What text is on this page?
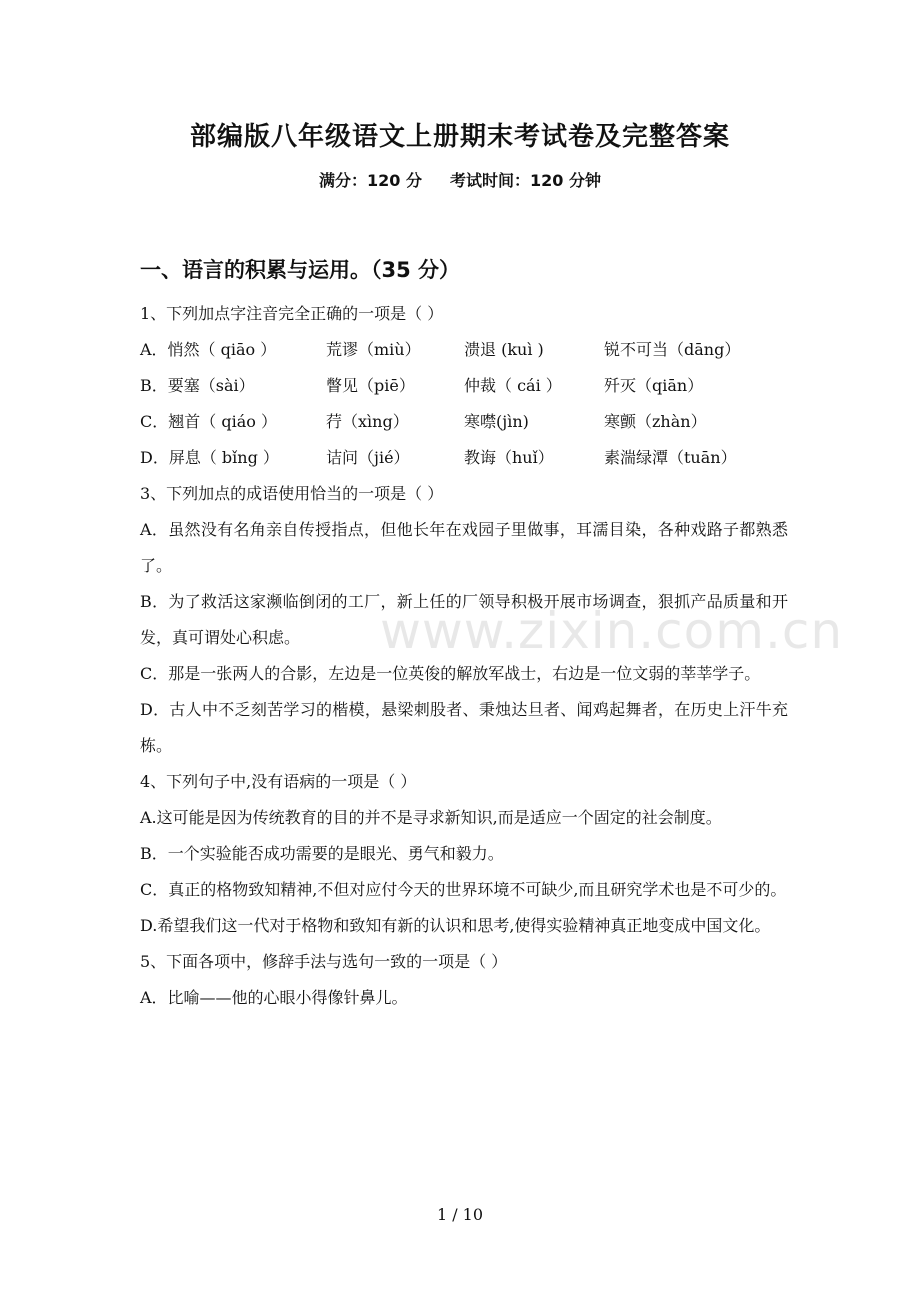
部编版八年级语文上册期末考试卷及完整答案
满分：120 分 考试时间：120 分钟
一、语言的积累与运用。（35 分）
1、下列加点字注音完全正确的一项是（ ）
A．悄然（ qiāo ）	荒谬（miù）	溃退 (kuì )	锐不可当（dāng）
B．要塞（sài）	瞥见（piē）	仲裁（ cái ）	歼灭（qiān）
C．翘首（ qiáo ）	荇（xìng）	寒噤(jìn)	寒颤（zhàn）
D．屏息（ bǐng ）	诘问（jié）	教诲（huǐ）	素湍绿潭（tuān）
3、下列加点的成语使用恰当的一项是（ ）
A．虽然没有名角亲自传授指点，但他长年在戏园子里做事，耳濡目染，各种戏路子都熟悉了。
B．为了救活这家濒临倒闭的工厂，新上任的厂领导积极开展市场调查，狠抓产品质量和开发，真可谓处心积虑。
C．那是一张两人的合影，左边是一位英俊的解放军战士，右边是一位文弱的莘莘学子。
D．古人中不乏刻苦学习的楷模，悬梁刺股者、秉烛达旦者、闻鸡起舞者，在历史上汗牛充栋。
4、下列句子中,没有语病的一项是（ ）
A.这可能是因为传统教育的目的并不是寻求新知识,而是适应一个固定的社会制度。
B．一个实验能否成功需要的是眼光、勇气和毅力。
C．真正的格物致知精神,不但对应付今天的世界环境不可缺少,而且研究学术也是不可少的。
D.希望我们这一代对于格物和致知有新的认识和思考,使得实验精神真正地变成中国文化。
5、下面各项中，修辞手法与选句一致的一项是（ ）
A．比喻——他的心眼小得像针鼻儿。
www.zixin.com.cn
1 / 10
